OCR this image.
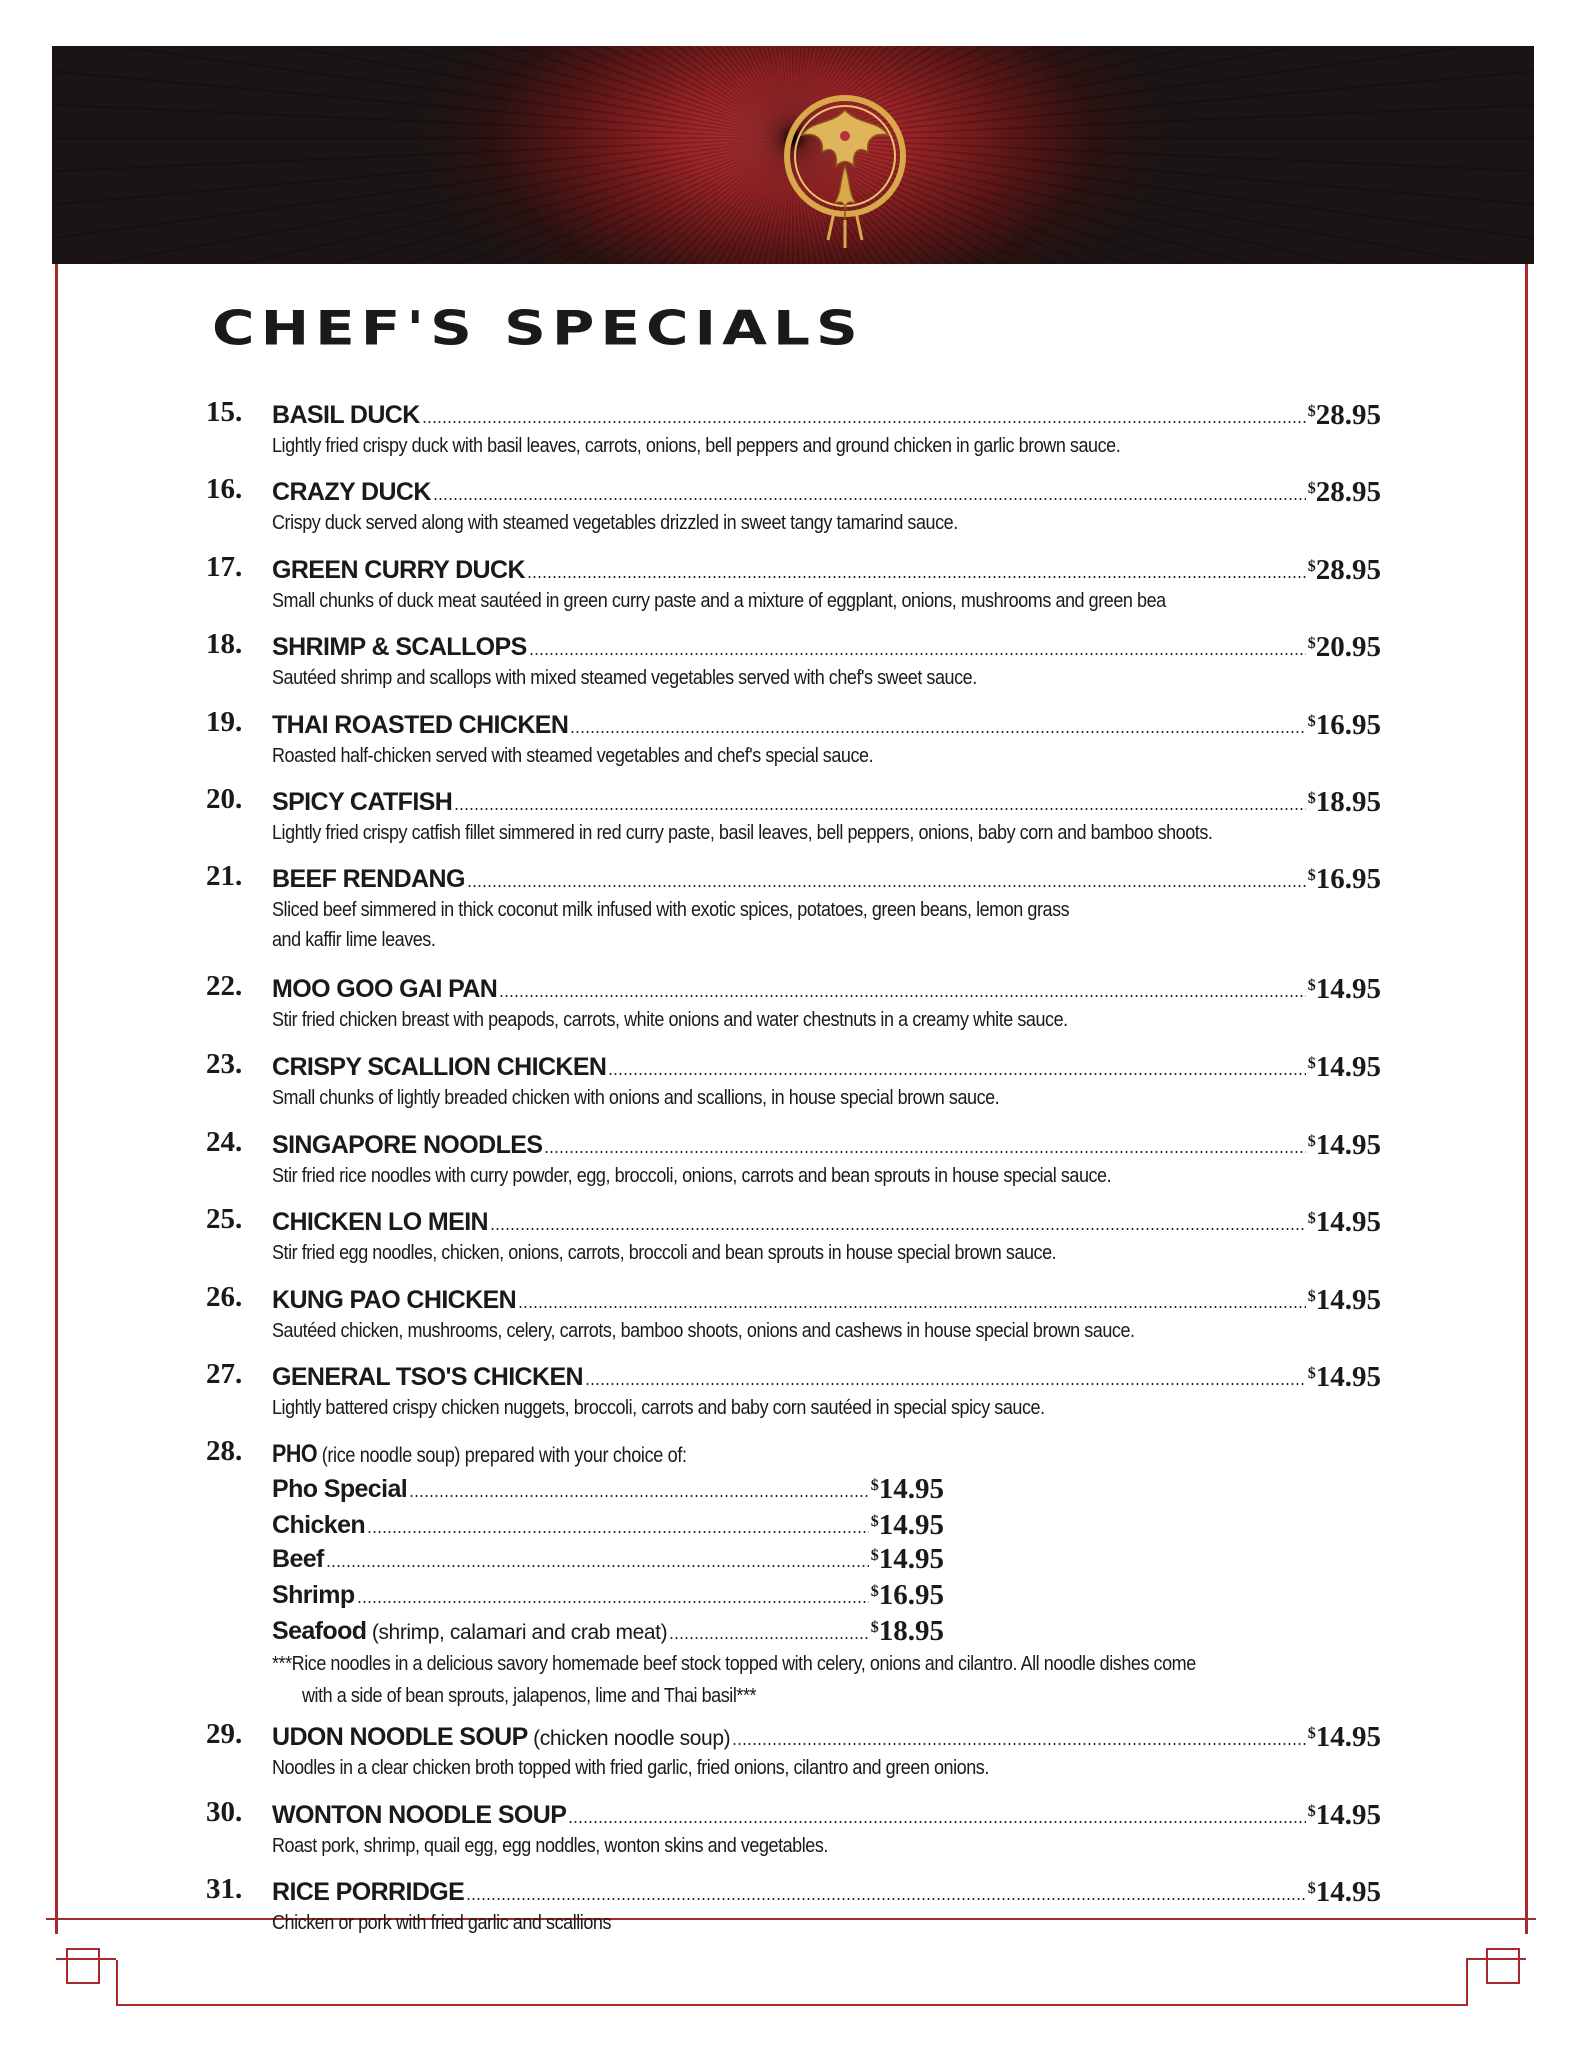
CHEF'S SPECIALS
15. BASIL DUCK	$28.95
Lightly fried crispy duck with basil leaves, carrots, onions, bell peppers and ground chicken in garlic brown sauce.
16. CRAZY DUCK	$28.95
Crispy duck served along with steamed vegetables drizzled in sweet tangy tamarind sauce.
17. GREEN CURRY DUCK	$28.95
Small chunks of duck meat sautéed in green curry paste and a mixture of eggplant, onions, mushrooms and green bea
18. SHRIMP & SCALLOPS	$20.95
Sautéed shrimp and scallops with mixed steamed vegetables served with chef's sweet sauce.
19. THAI ROASTED CHICKEN	$16.95
Roasted half-chicken served with steamed vegetables and chef's special sauce.
20. SPICY CATFISH	$18.95
Lightly fried crispy catfish fillet simmered in red curry paste, basil leaves, bell peppers, onions, baby corn and bamboo shoots.
21. BEEF RENDANG	$16.95
Sliced beef simmered in thick coconut milk infused with exotic spices, potatoes, green beans, lemon grass
and kaffir lime leaves.
22. MOO GOO GAI PAN	$14.95
Stir fried chicken breast with peapods, carrots, white onions and water chestnuts in a creamy white sauce.
23. CRISPY SCALLION CHICKEN	$14.95
Small chunks of lightly breaded chicken with onions and scallions, in house special brown sauce.
24. SINGAPORE NOODLES	$14.95
Stir fried rice noodles with curry powder, egg, broccoli, onions, carrots and bean sprouts in house special sauce.
25. CHICKEN LO MEIN	$14.95
Stir fried egg noodles, chicken, onions, carrots, broccoli and bean sprouts in house special brown sauce.
26. KUNG PAO CHICKEN	$14.95
Sautéed chicken, mushrooms, celery, carrots, bamboo shoots, onions and cashews in house special brown sauce.
27. GENERAL TSO'S CHICKEN	$14.95
Lightly battered crispy chicken nuggets, broccoli, carrots and baby corn sautéed in special spicy sauce.
28. PHO (rice noodle soup) prepared with your choice of:
Pho Special	$14.95
Chicken	$14.95
Beef	$14.95
Shrimp	$16.95
Seafood (shrimp, calamari and crab meat)	$18.95
***Rice noodles in a delicious savory homemade beef stock topped with celery, onions and cilantro. All noodle dishes come
with a side of bean sprouts, jalapenos, lime and Thai basil***
29. UDON NOODLE SOUP (chicken noodle soup)	$14.95
Noodles in a clear chicken broth topped with fried garlic, fried onions, cilantro and green onions.
30. WONTON NOODLE SOUP	$14.95
Roast pork, shrimp, quail egg, egg noddles, wonton skins and vegetables.
31. RICE PORRIDGE	$14.95
Chicken or pork with fried garlic and scallions
